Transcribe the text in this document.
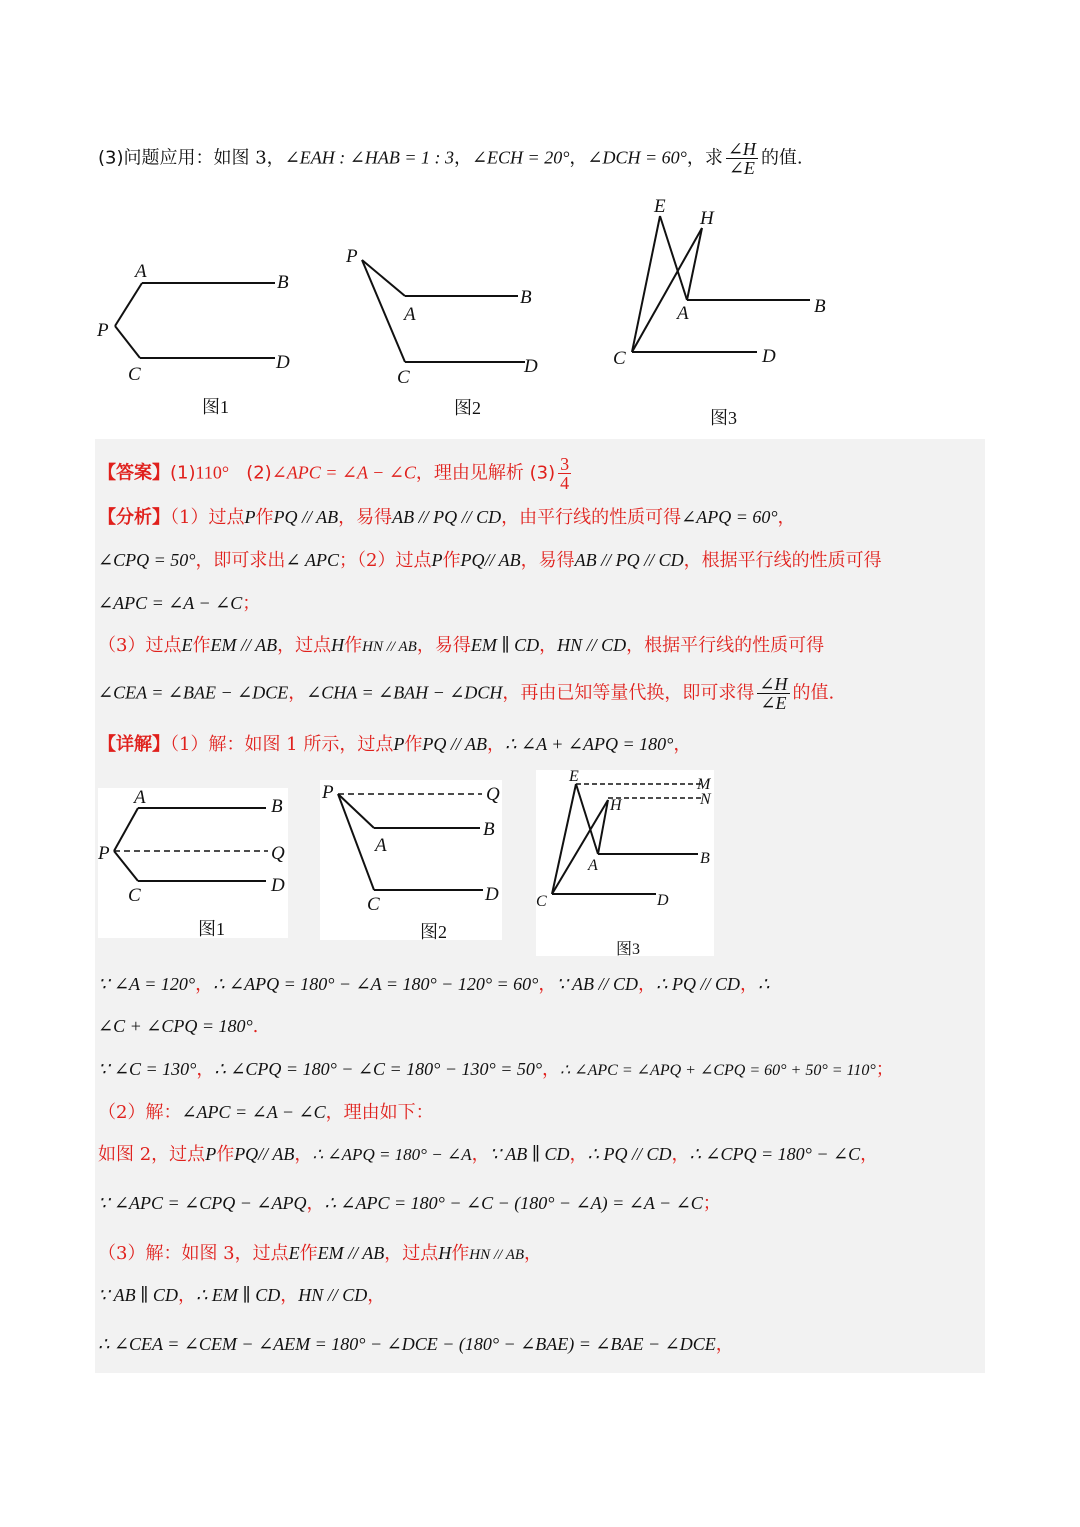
(3)问题应用：如图 3，∠EAH : ∠HAB = 1 : 3，∠ECH = 20°，∠DCH = 60°，求 $\frac{\angle H}{\angle E}$ 的值.
A
B
P
C
D
图1
P
A
B
C
D
图2
E
H
A	B
C	D
图3
【答案】(1)110° (2)∠APC = ∠A − ∠C，理由见解析 $(3) \frac{3}{4}$
【分析】（1）过点P作PQ // AB，易得AB // PQ // CD，由平行线的性质可得∠APQ = 60°，
∠CPQ = 50°，即可求出∠ APC；（2）过点P作PQ// AB，易得AB // PQ // CD，根据平行线的性质可得
∠APC = ∠A − ∠C；
（3）过点E作EM // AB，过点H作HN // AB，易得EM ∥ CD，HN // CD，根据平行线的性质可得
∠CEA = ∠BAE − ∠DCE，∠CHA = ∠BAH − ∠DCH，再由已知等量代换，即可求得 $\frac{\angle H}{\angle E}$ 的值.
【详解】（1）解：如图 1 所示，过点P作PQ // AB，∴ ∠A + ∠APQ = 180°，
A	B
P	Q
C	D
图1
P	Q
A
B
C	D
图2
E	M
N
H
A	B
C	D
图3
∵ ∠A = 120°，∴ ∠APQ = 180° − ∠A = 180° − 120° = 60°，∵ AB // CD，∴ PQ // CD，∴
∠C + ∠CPQ = 180°.
∵ ∠C = 130°，∴ ∠CPQ = 180° − ∠C = 180° − 130° = 50°，∴ ∠APC = ∠APQ + ∠CPQ = 60° + 50° = 110°；
（2）解：∠APC = ∠A − ∠C，理由如下：
如图 2，过点P作PQ// AB，∴ ∠APQ = 180° − ∠A，∵ AB ∥ CD，∴ PQ // CD，∴ ∠CPQ = 180° − ∠C，
∵ ∠APC = ∠CPQ − ∠APQ，∴ ∠APC = 180° − ∠C − (180° − ∠A) = ∠A − ∠C；
（3）解：如图 3，过点E作EM // AB，过点H作HN // AB，
∵ AB ∥ CD，∴ EM ∥ CD，HN // CD，
∴ ∠CEA = ∠CEM − ∠AEM = 180° − ∠DCE − (180° − ∠BAE) = ∠BAE − ∠DCE，
